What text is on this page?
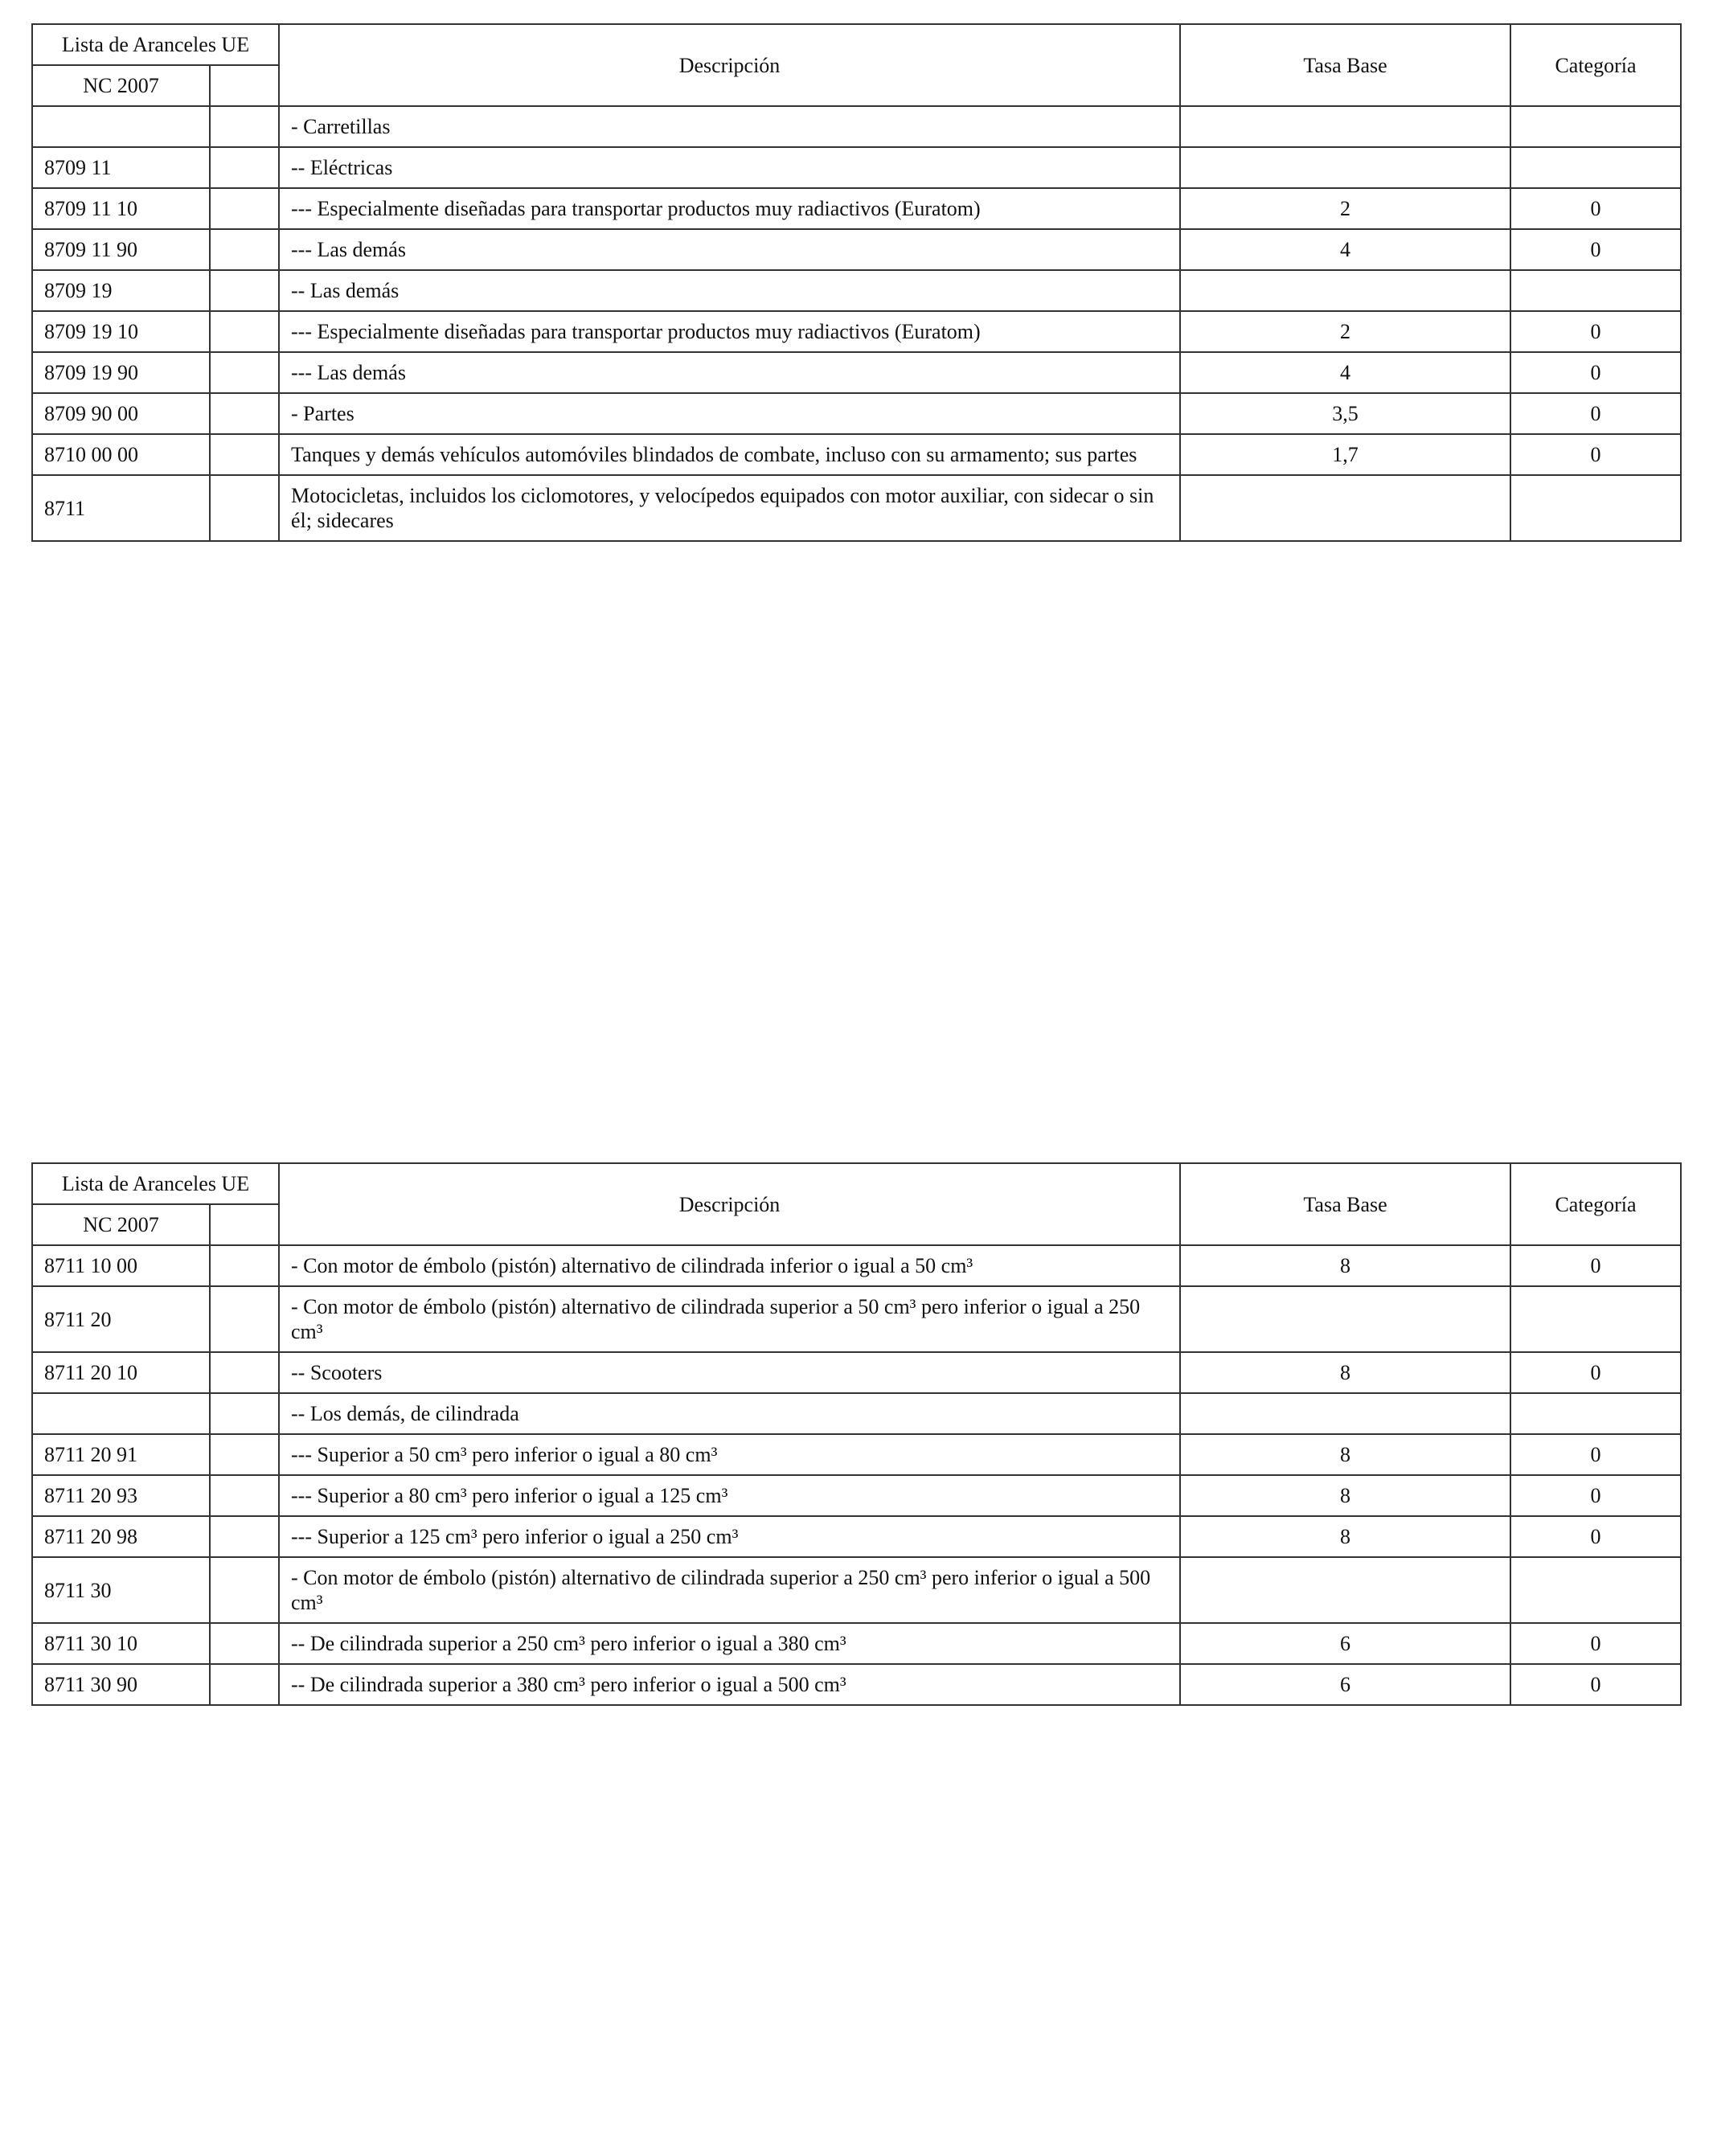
Lista de Aranceles UE		Descripción	Tasa Base	Categoría
NC 2007				
		- Carretillas		
8709 11		-- Eléctricas		
8709 11 10		--- Especialmente diseñadas para transportar productos muy radiactivos (Euratom)	2	0
8709 11 90		--- Las demás	4	0
8709 19		-- Las demás		
8709 19 10		--- Especialmente diseñadas para transportar productos muy radiactivos (Euratom)	2	0
8709 19 90		--- Las demás	4	0
8709 90 00		- Partes	3,5	0
8710 00 00		Tanques y demás vehículos automóviles blindados de combate, incluso con su armamento; sus partes	1,7	0
8711		Motocicletas, incluidos los ciclomotores, y velocípedos equipados con motor auxiliar, con sidecar o sin él; sidecares		
Lista de Aranceles UE		Descripción	Tasa Base	Categoría
NC 2007				
8711 10 00		- Con motor de émbolo (pistón) alternativo de cilindrada inferior o igual a 50 cm³	8	0
8711 20		- Con motor de émbolo (pistón) alternativo de cilindrada superior a 50 cm³ pero inferior o igual a 250 cm³		
8711 20 10		-- Scooters	8	0
		-- Los demás, de cilindrada		
8711 20 91		--- Superior a 50 cm³ pero inferior o igual a 80 cm³	8	0
8711 20 93		--- Superior a 80 cm³ pero inferior o igual a 125 cm³	8	0
8711 20 98		--- Superior a 125 cm³ pero inferior o igual a 250 cm³	8	0
8711 30		- Con motor de émbolo (pistón) alternativo de cilindrada superior a 250 cm³ pero inferior o igual a 500 cm³		
8711 30 10		-- De cilindrada superior a 250 cm³ pero inferior o igual a 380 cm³	6	0
8711 30 90		-- De cilindrada superior a 380 cm³ pero inferior o igual a 500 cm³	6	0
